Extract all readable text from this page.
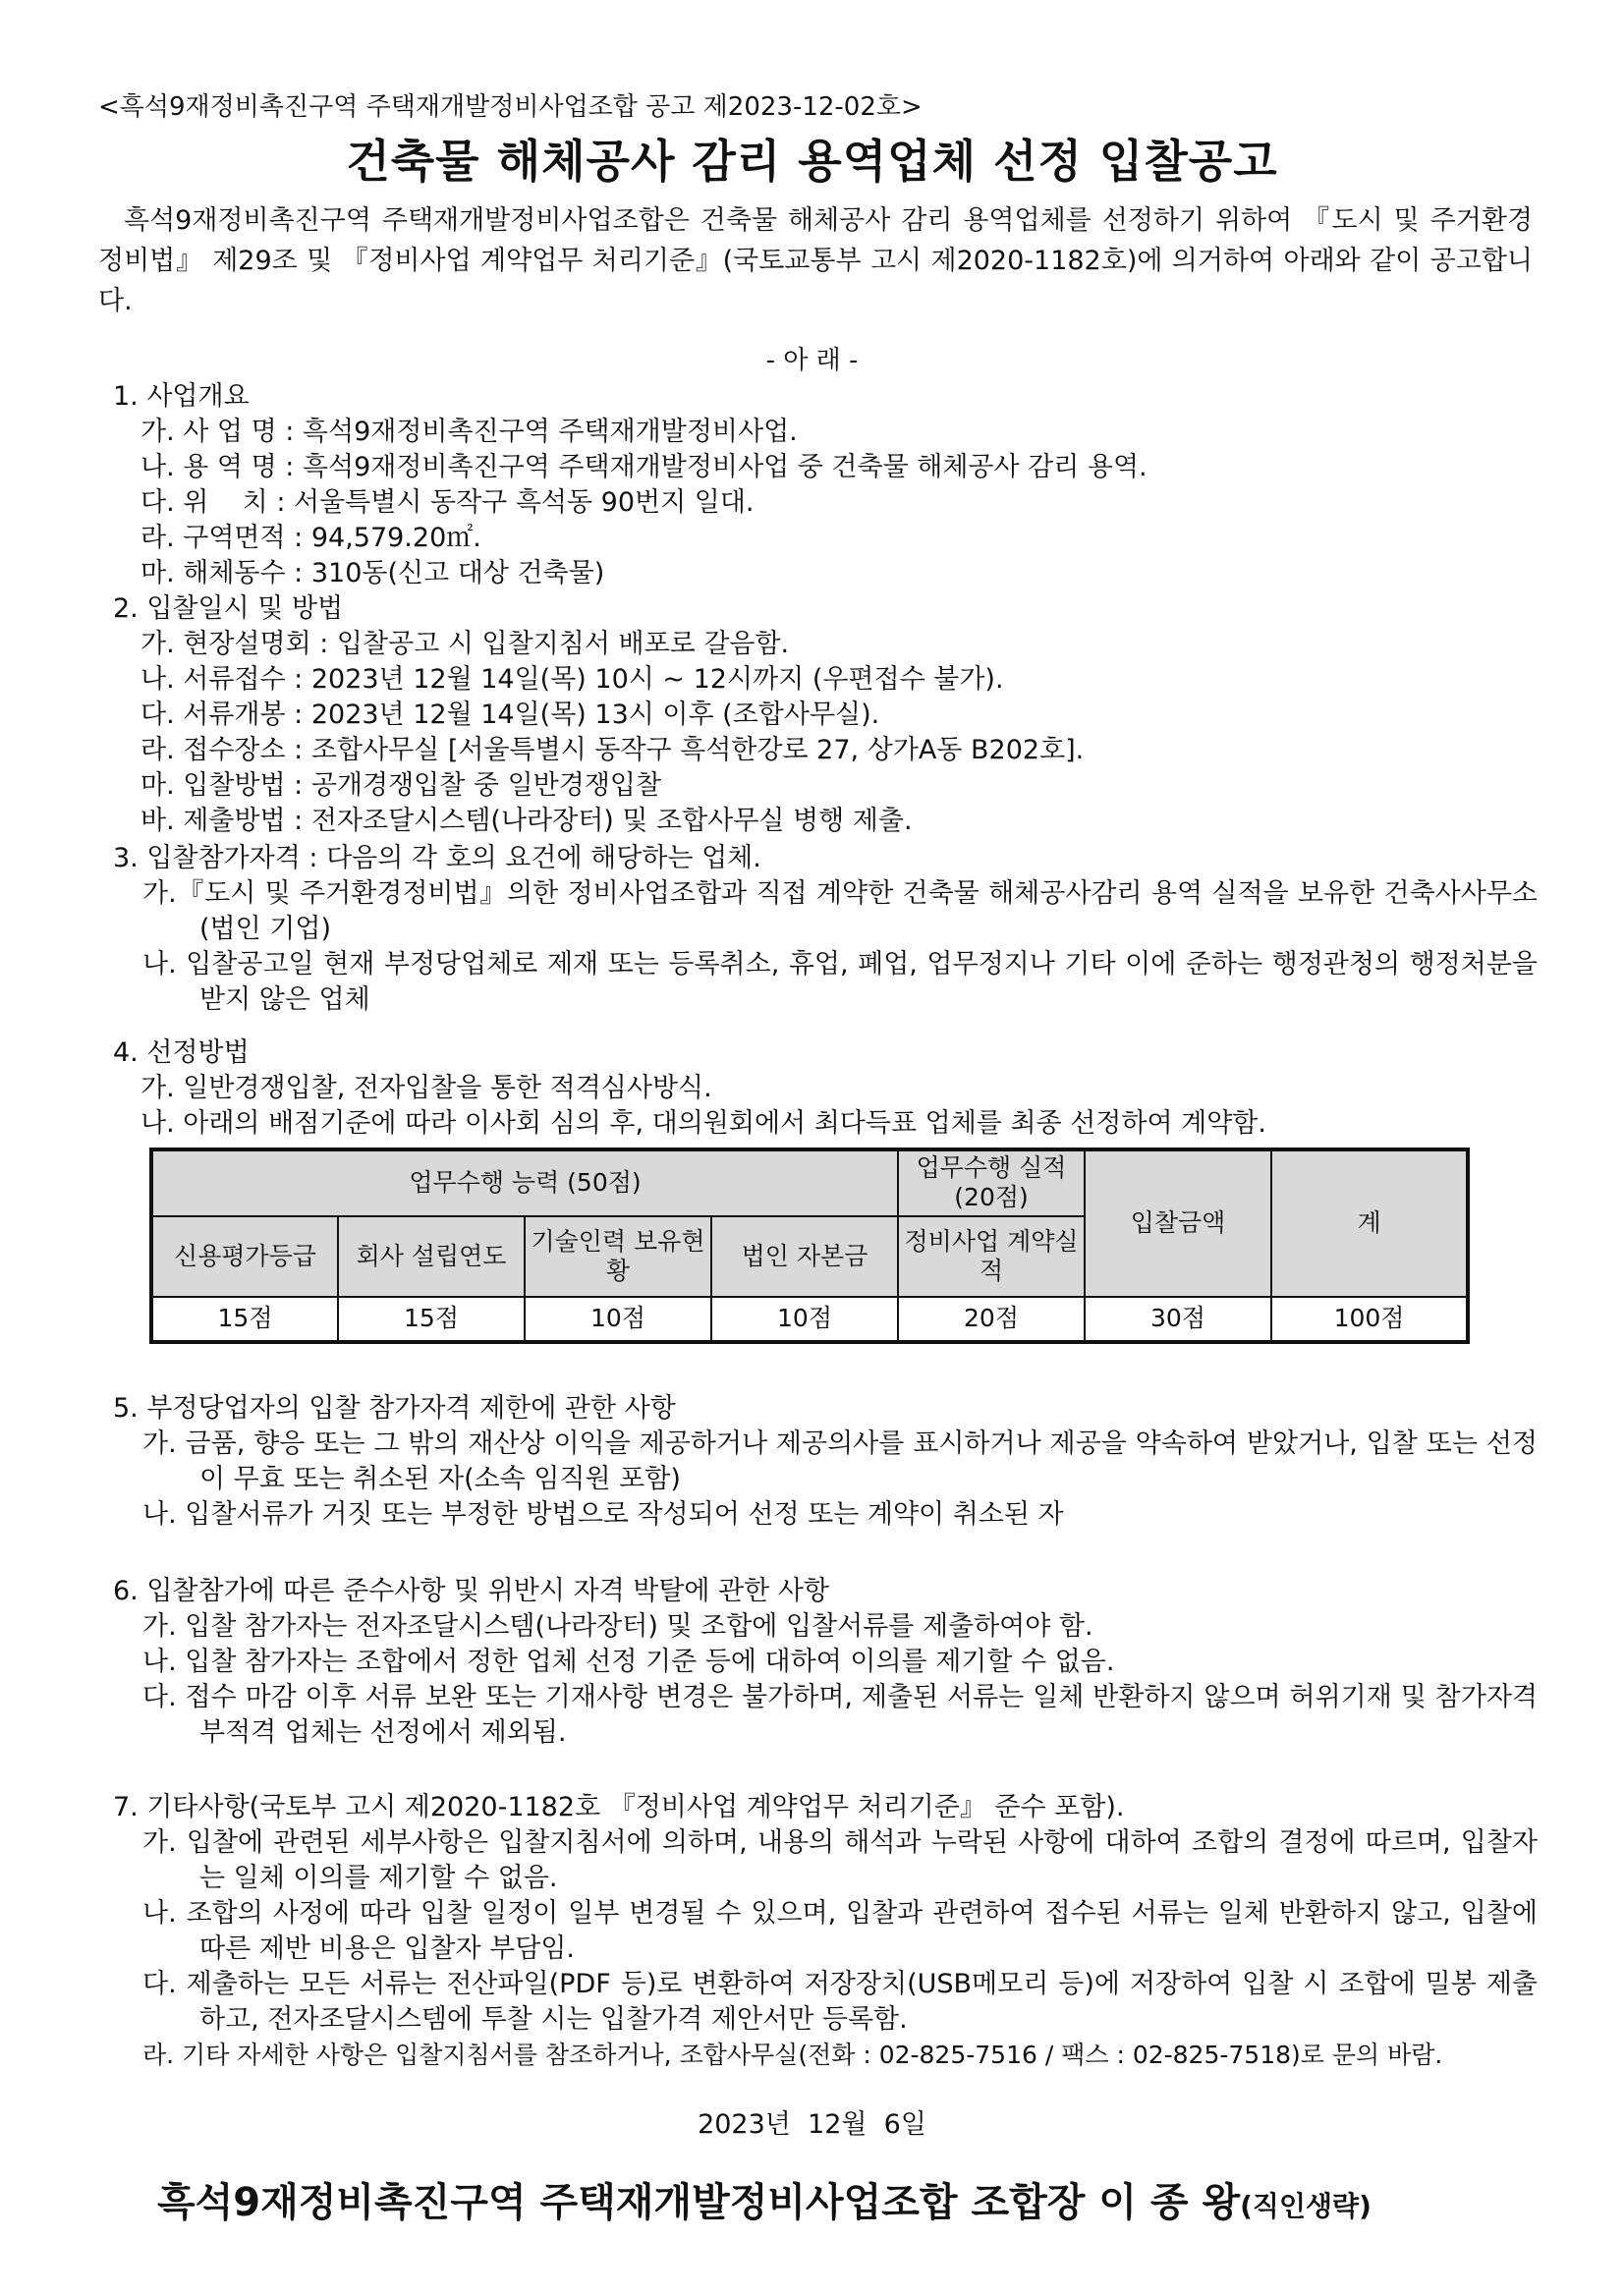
<흑석9재정비촉진구역 주택재개발정비사업조합 공고 제2023-12-02호>
건축물 해체공사 감리 용역업체 선정 입찰공고
흑석9재정비촉진구역 주택재개발정비사업조합은 건축물 해체공사 감리 용역업체를 선정하기 위하여 『도시 및 주거환경정비법』 제29조 및 『정비사업 계약업무 처리기준』(국토교통부 고시 제2020-1182호)에 의거하여 아래와 같이 공고합니다.
- 아 래 -
1. 사업개요
가. 사 업 명 : 흑석9재정비촉진구역 주택재개발정비사업.
나. 용 역 명 : 흑석9재정비촉진구역 주택재개발정비사업 중 건축물 해체공사 감리 용역.
다. 위    치 : 서울특별시 동작구 흑석동 90번지 일대.
라. 구역면적 : 94,579.20㎡.
마. 해체동수 : 310동(신고 대상 건축물)
2. 입찰일시 및 방법
가. 현장설명회 : 입찰공고 시 입찰지침서 배포로 갈음함.
나. 서류접수 : 2023년 12월 14일(목) 10시 ~ 12시까지 (우편접수 불가).
다. 서류개봉 : 2023년 12월 14일(목) 13시 이후 (조합사무실).
라. 접수장소 : 조합사무실 [서울특별시 동작구 흑석한강로 27, 상가A동 B202호].
마. 입찰방법 : 공개경쟁입찰 중 일반경쟁입찰
바. 제출방법 : 전자조달시스템(나라장터) 및 조합사무실 병행 제출.
3. 입찰참가자격 : 다음의 각 호의 요건에 해당하는 업체.
가.『도시 및 주거환경정비법』의한 정비사업조합과 직접 계약한 건축물 해체공사감리 용역 실적을 보유한 건축사사무소(법인 기업)
나. 입찰공고일 현재 부정당업체로 제재 또는 등록취소, 휴업, 폐업, 업무정지나 기타 이에 준하는 행정관청의 행정처분을 받지 않은 업체
4. 선정방법
가. 일반경쟁입찰, 전자입찰을 통한 적격심사방식.
나. 아래의 배점기준에 따라 이사회 심의 후, 대의원회에서 최다득표 업체를 최종 선정하여 계약함.
업무수행 능력 (50점)				업무수행 실적 (20점)	입찰금액	계
신용평가등급	회사 설립연도	기술인력 보유현황	법인 자본금	정비사업 계약실적		
15점	15점	10점	10점	20점	30점	100점
5. 부정당업자의 입찰 참가자격 제한에 관한 사항
가. 금품, 향응 또는 그 밖의 재산상 이익을 제공하거나 제공의사를 표시하거나 제공을 약속하여 받았거나, 입찰 또는 선정이 무효 또는 취소된 자(소속 임직원 포함)
나. 입찰서류가 거짓 또는 부정한 방법으로 작성되어 선정 또는 계약이 취소된 자
6. 입찰참가에 따른 준수사항 및 위반시 자격 박탈에 관한 사항
가. 입찰 참가자는 전자조달시스템(나라장터) 및 조합에 입찰서류를 제출하여야 함.
나. 입찰 참가자는 조합에서 정한 업체 선정 기준 등에 대하여 이의를 제기할 수 없음.
다. 접수 마감 이후 서류 보완 또는 기재사항 변경은 불가하며, 제출된 서류는 일체 반환하지 않으며 허위기재 및 참가자격 부적격 업체는 선정에서 제외됨.
7. 기타사항(국토부 고시 제2020-1182호 『정비사업 계약업무 처리기준』 준수 포함).
가. 입찰에 관련된 세부사항은 입찰지침서에 의하며, 내용의 해석과 누락된 사항에 대하여 조합의 결정에 따르며, 입찰자는 일체 이의를 제기할 수 없음.
나. 조합의 사정에 따라 입찰 일정이 일부 변경될 수 있으며, 입찰과 관련하여 접수된 서류는 일체 반환하지 않고, 입찰에 따른 제반 비용은 입찰자 부담임.
다. 제출하는 모든 서류는 전산파일(PDF 등)로 변환하여 저장장치(USB메모리 등)에 저장하여 입찰 시 조합에 밀봉 제출하고, 전자조달시스템에 투찰 시는 입찰가격 제안서만 등록함.
라. 기타 자세한 사항은 입찰지침서를 참조하거나, 조합사무실(전화 : 02-825-7516 / 팩스 : 02-825-7518)로 문의 바람.
2023년  12월  6일
흑석9재정비촉진구역 주택재개발정비사업조합 조합장 이 종 왕(직인생략)
